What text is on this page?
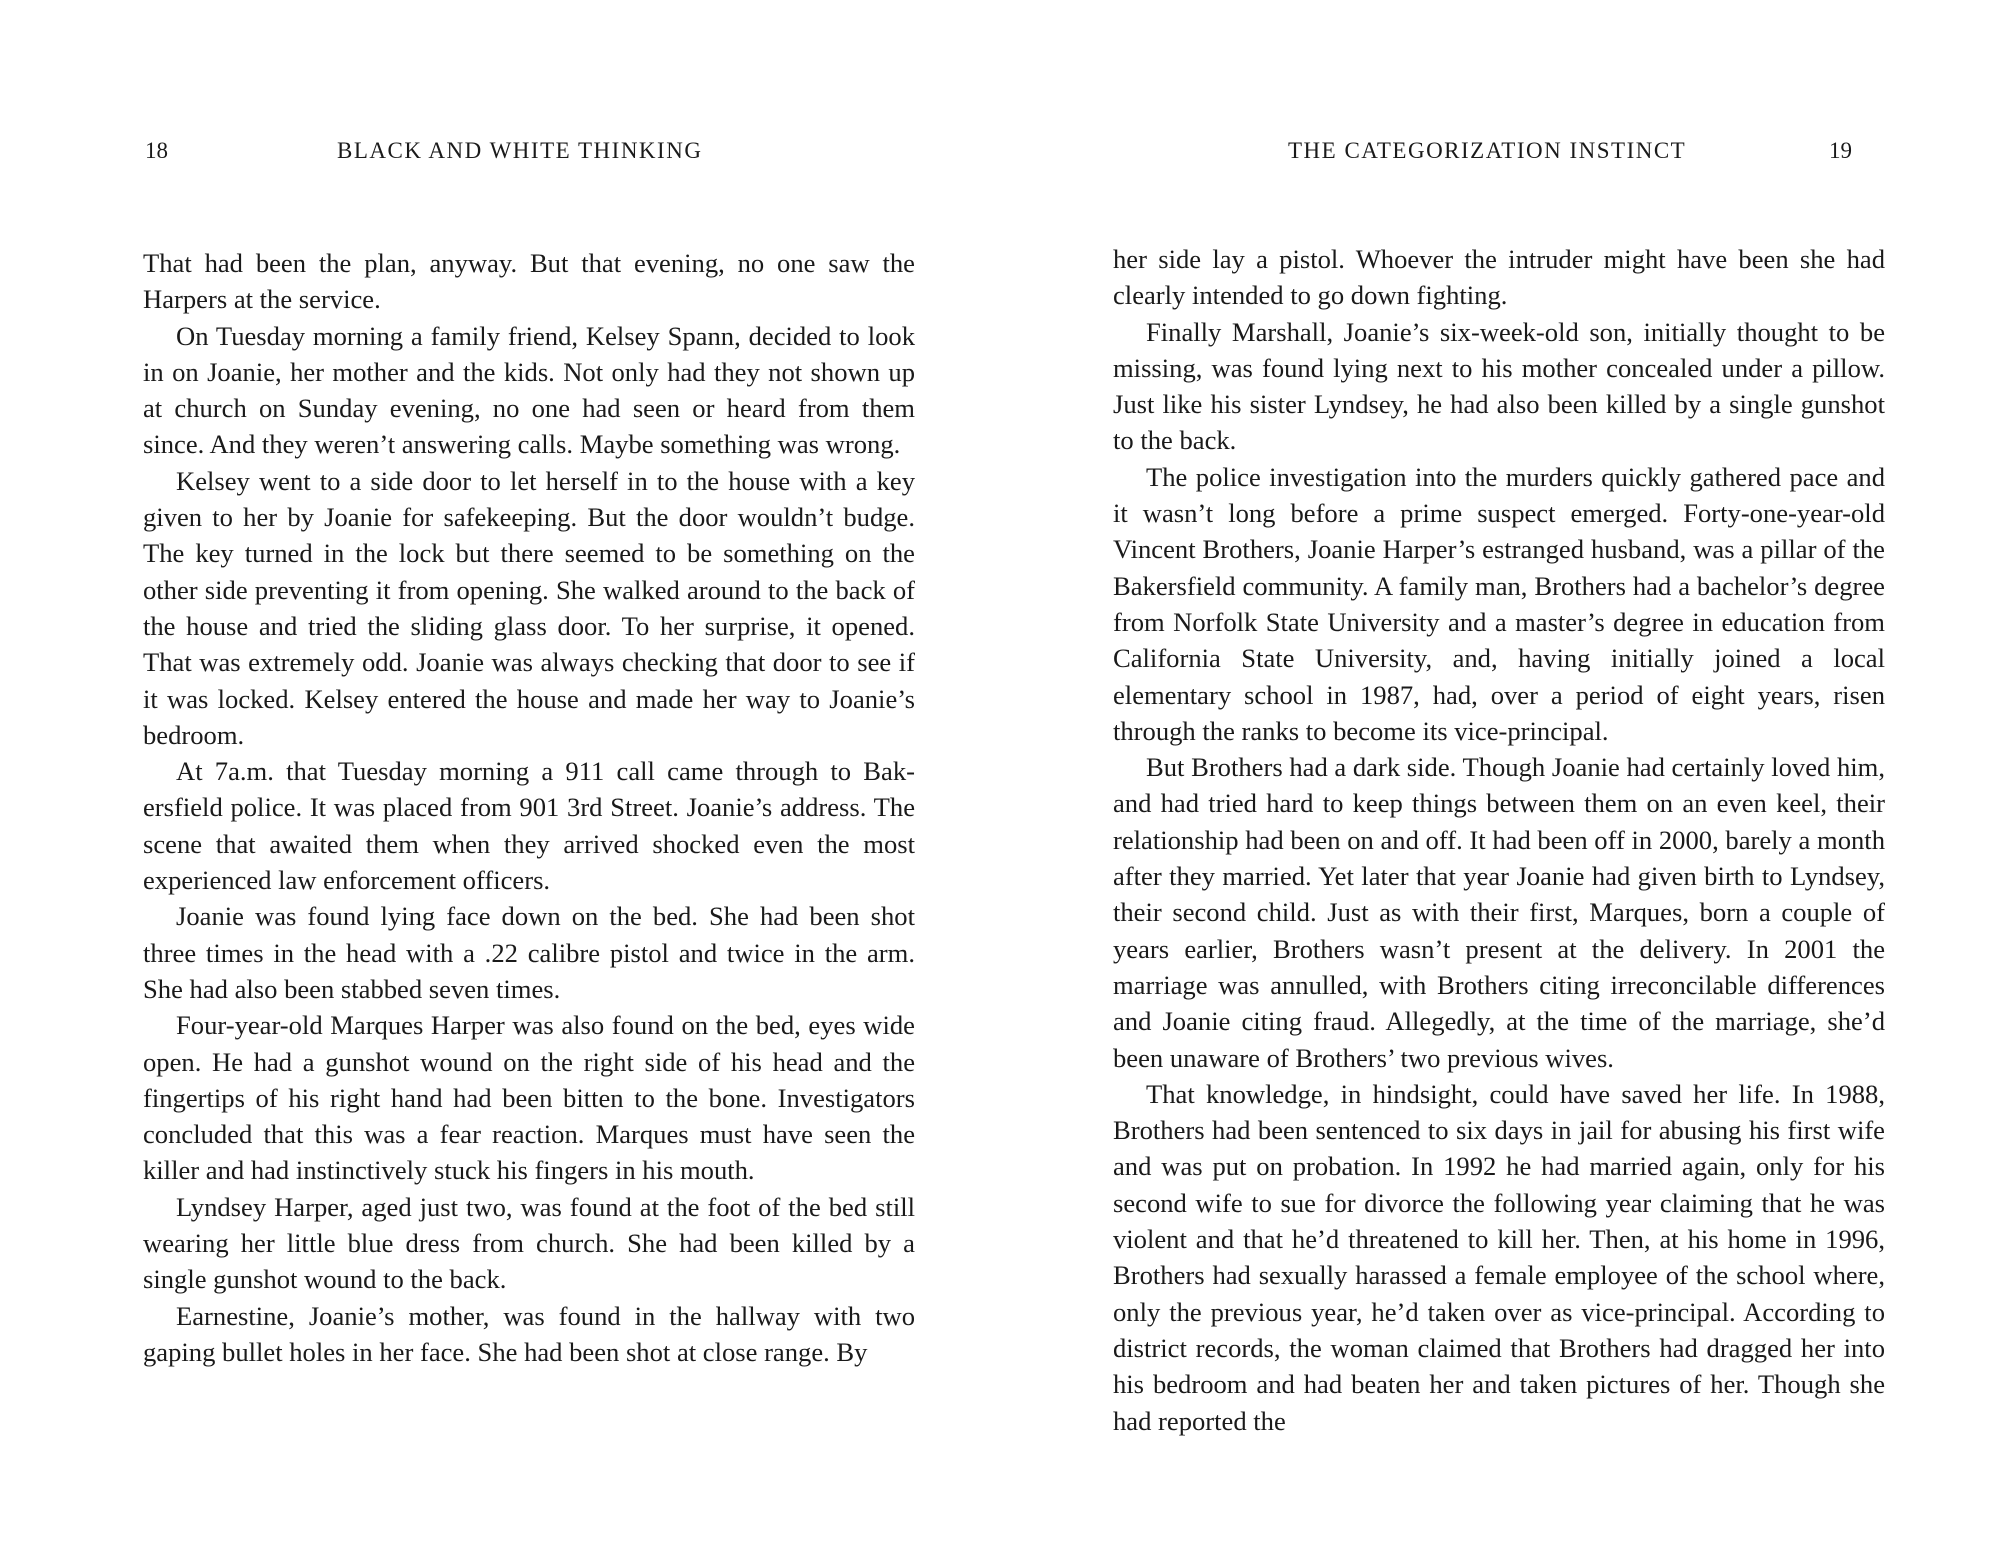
18	BLACK AND WHITE THINKING

That had been the plan, anyway. But that evening, no one saw the Harpers at the service.

On Tuesday morning a family friend, Kelsey Spann, decided to look in on Joanie, her mother and the kids. Not only had they not shown up at church on Sunday evening, no one had seen or heard from them since. And they weren’t answering calls. Maybe something was wrong.

Kelsey went to a side door to let herself in to the house with a key given to her by Joanie for safekeeping. But the door wouldn’t budge. The key turned in the lock but there seemed to be something on the other side preventing it from opening. She walked around to the back of the house and tried the sliding glass door. To her surprise, it opened. That was extremely odd. Joanie was always checking that door to see if it was locked. Kelsey entered the house and made her way to Joanie’s bedroom.

At 7a.m. that Tuesday morning a 911 call came through to Bakersfield police. It was placed from 901 3rd Street. Joanie’s address. The scene that awaited them when they arrived shocked even the most experienced law enforcement officers.

Joanie was found lying face down on the bed. She had been shot three times in the head with a .22 calibre pistol and twice in the arm. She had also been stabbed seven times.

Four-year-old Marques Harper was also found on the bed, eyes wide open. He had a gunshot wound on the right side of his head and the fingertips of his right hand had been bitten to the bone. Investigators concluded that this was a fear reaction. Marques must have seen the killer and had instinctively stuck his fingers in his mouth.

Lyndsey Harper, aged just two, was found at the foot of the bed still wearing her little blue dress from church. She had been killed by a single gunshot wound to the back.

Earnestine, Joanie’s mother, was found in the hallway with two gaping bullet holes in her face. She had been shot at close range. By

THE CATEGORIZATION INSTINCT	19

her side lay a pistol. Whoever the intruder might have been she had clearly intended to go down fighting.

Finally Marshall, Joanie’s six-week-old son, initially thought to be missing, was found lying next to his mother concealed under a pillow. Just like his sister Lyndsey, he had also been killed by a single gunshot to the back.

The police investigation into the murders quickly gathered pace and it wasn’t long before a prime suspect emerged. Forty-one-year-old Vincent Brothers, Joanie Harper’s estranged husband, was a pillar of the Bakersfield community. A family man, Brothers had a bachelor’s degree from Norfolk State University and a master’s degree in education from California State University, and, having initially joined a local elementary school in 1987, had, over a period of eight years, risen through the ranks to become its vice-principal.

But Brothers had a dark side. Though Joanie had certainly loved him, and had tried hard to keep things between them on an even keel, their relationship had been on and off. It had been off in 2000, barely a month after they married. Yet later that year Joanie had given birth to Lyndsey, their second child. Just as with their first, Marques, born a couple of years earlier, Brothers wasn’t present at the delivery. In 2001 the marriage was annulled, with Brothers citing irreconcilable differences and Joanie citing fraud. Allegedly, at the time of the marriage, she’d been unaware of Brothers’ two previous wives.

That knowledge, in hindsight, could have saved her life. In 1988, Brothers had been sentenced to six days in jail for abusing his first wife and was put on probation. In 1992 he had married again, only for his second wife to sue for divorce the following year claiming that he was violent and that he’d threatened to kill her. Then, at his home in 1996, Brothers had sexually harassed a female employee of the school where, only the previous year, he’d taken over as vice-principal. According to district records, the woman claimed that Brothers had dragged her into his bedroom and had beaten her and taken pictures of her. Though she had reported the
